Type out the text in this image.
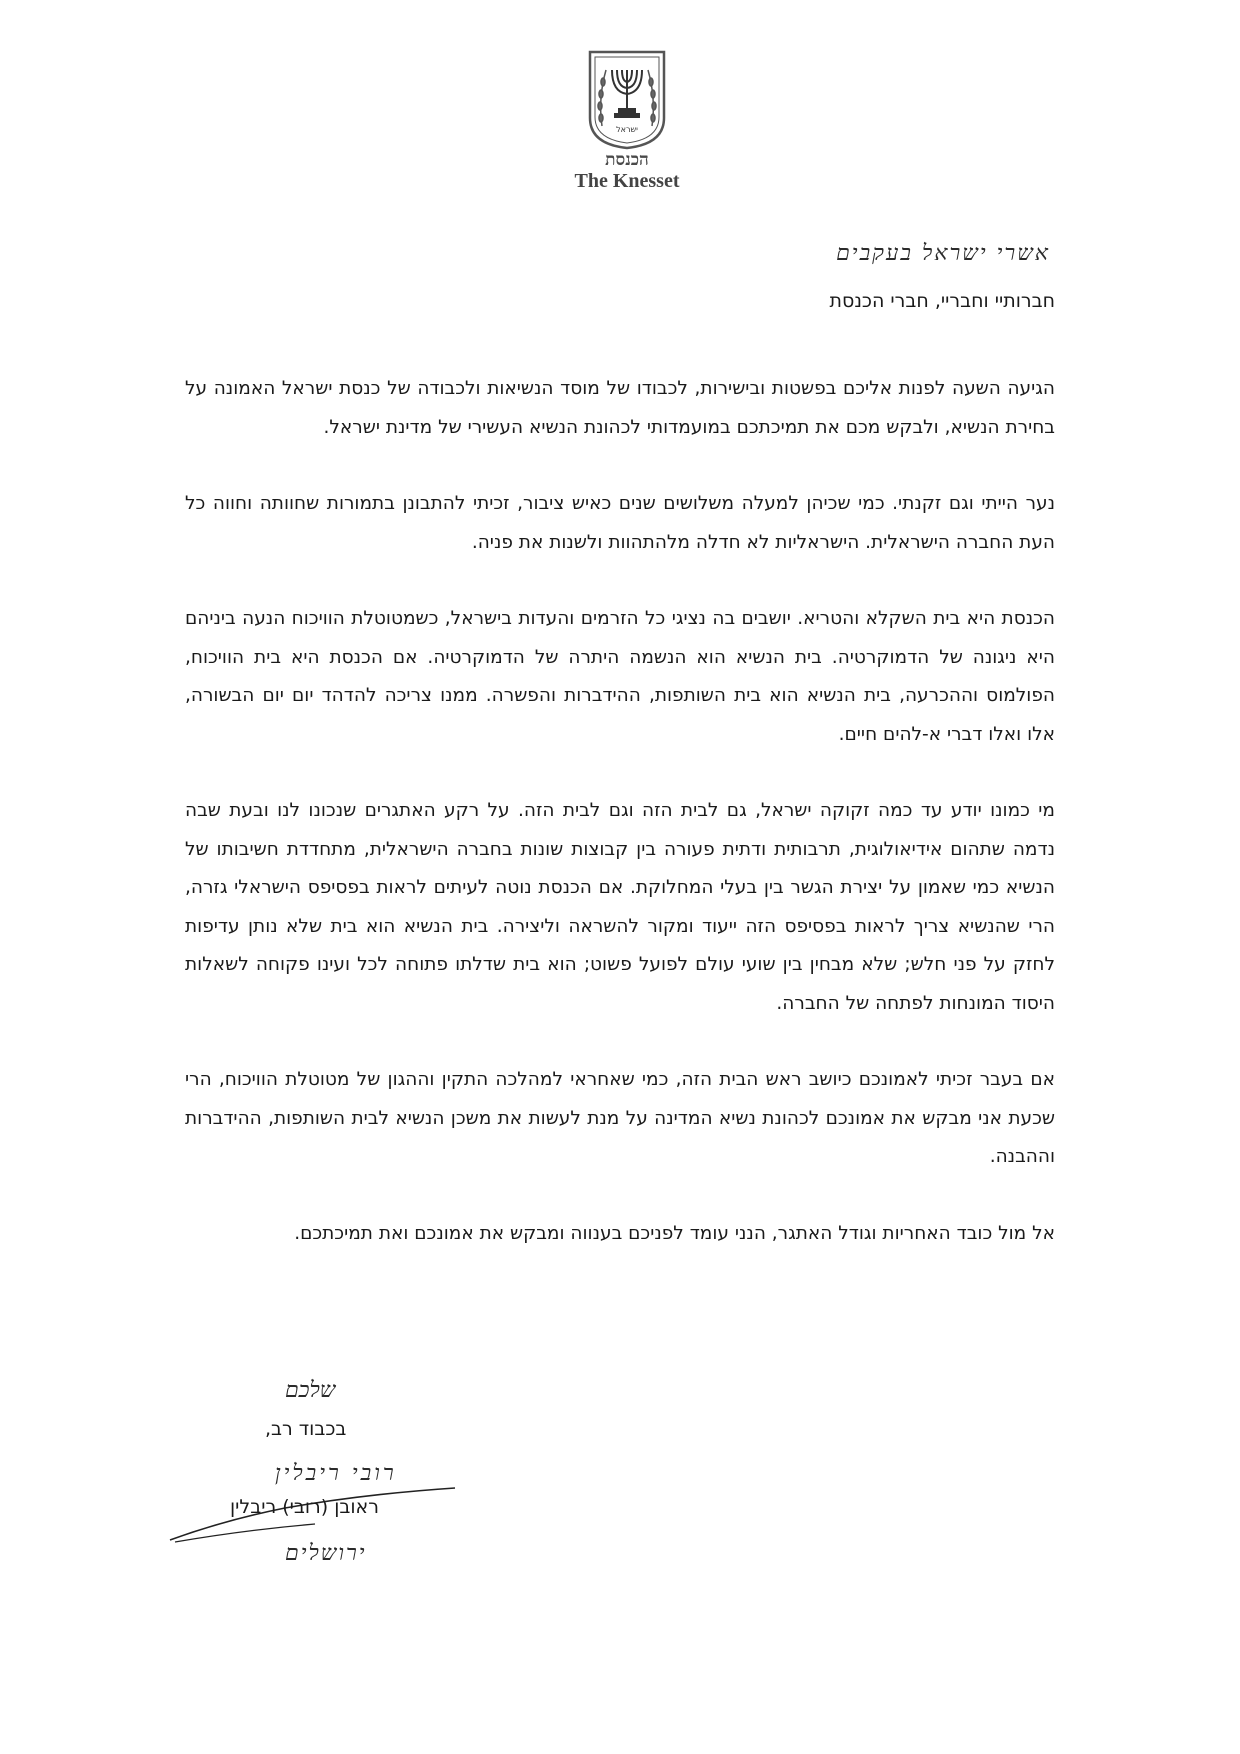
ישראל
הכנסת
The Knesset
אשרי ישראל בעקבים
חברותיי וחבריי, חברי הכנסת

הגיעה השעה לפנות אליכם בפשטות ובישירות, לכבודו של מוסד הנשיאות ולכבודה של כנסת ישראל האמונה על בחירת הנשיא, ולבקש מכם את תמיכתכם במועמדותי לכהונת הנשיא העשירי של מדינת ישראל.

נער הייתי וגם זקנתי. כמי שכיהן למעלה משלושים שנים כאיש ציבור, זכיתי להתבונן בתמורות שחוותה וחווה כל העת החברה הישראלית. הישראליות לא חדלה מלהתהוות ולשנות את פניה.

הכנסת היא בית השקלא והטריא. יושבים בה נציגי כל הזרמים והעדות בישראל, כשמטוטלת הוויכוח הנעה ביניהם היא ניגונה של הדמוקרטיה. בית הנשיא הוא הנשמה היתרה של הדמוקרטיה. אם הכנסת היא בית הוויכוח, הפולמוס וההכרעה, בית הנשיא הוא בית השותפות, ההידברות והפשרה. ממנו צריכה להדהד יום יום הבשורה, אלו ואלו דברי א-להים חיים.

מי כמונו יודע עד כמה זקוקה ישראל, גם לבית הזה וגם לבית הזה. על רקע האתגרים שנכונו לנו ובעת שבה נדמה שתהום אידיאולוגית, תרבותית ודתית פעורה בין קבוצות שונות בחברה הישראלית, מתחדדת חשיבותו של הנשיא כמי שאמון על יצירת הגשר בין בעלי המחלוקת. אם הכנסת נוטה לעיתים לראות בפסיפס הישראלי גזרה, הרי שהנשיא צריך לראות בפסיפס הזה ייעוד ומקור להשראה וליצירה. בית הנשיא הוא בית שלא נותן עדיפות לחזק על פני חלש; שלא מבחין בין שועי עולם לפועל פשוט; הוא בית שדלתו פתוחה לכל ועינו פקוחה לשאלות היסוד המונחות לפתחה של החברה.

אם בעבר זכיתי לאמונכם כיושב ראש הבית הזה, כמי שאחראי למהלכה התקין וההגון של מטוטלת הוויכוח, הרי שכעת אני מבקש את אמונכם לכהונת נשיא המדינה על מנת לעשות את משכן הנשיא לבית השותפות, ההידברות וההבנה.

אל מול כובד האחריות וגודל האתגר, הנני עומד לפניכם בענווה ומבקש את אמונכם ואת תמיכתכם.

שלכם
בכבוד רב,
רובי ריבלין
ראובן (רובי) ריבלין
ירושלים
